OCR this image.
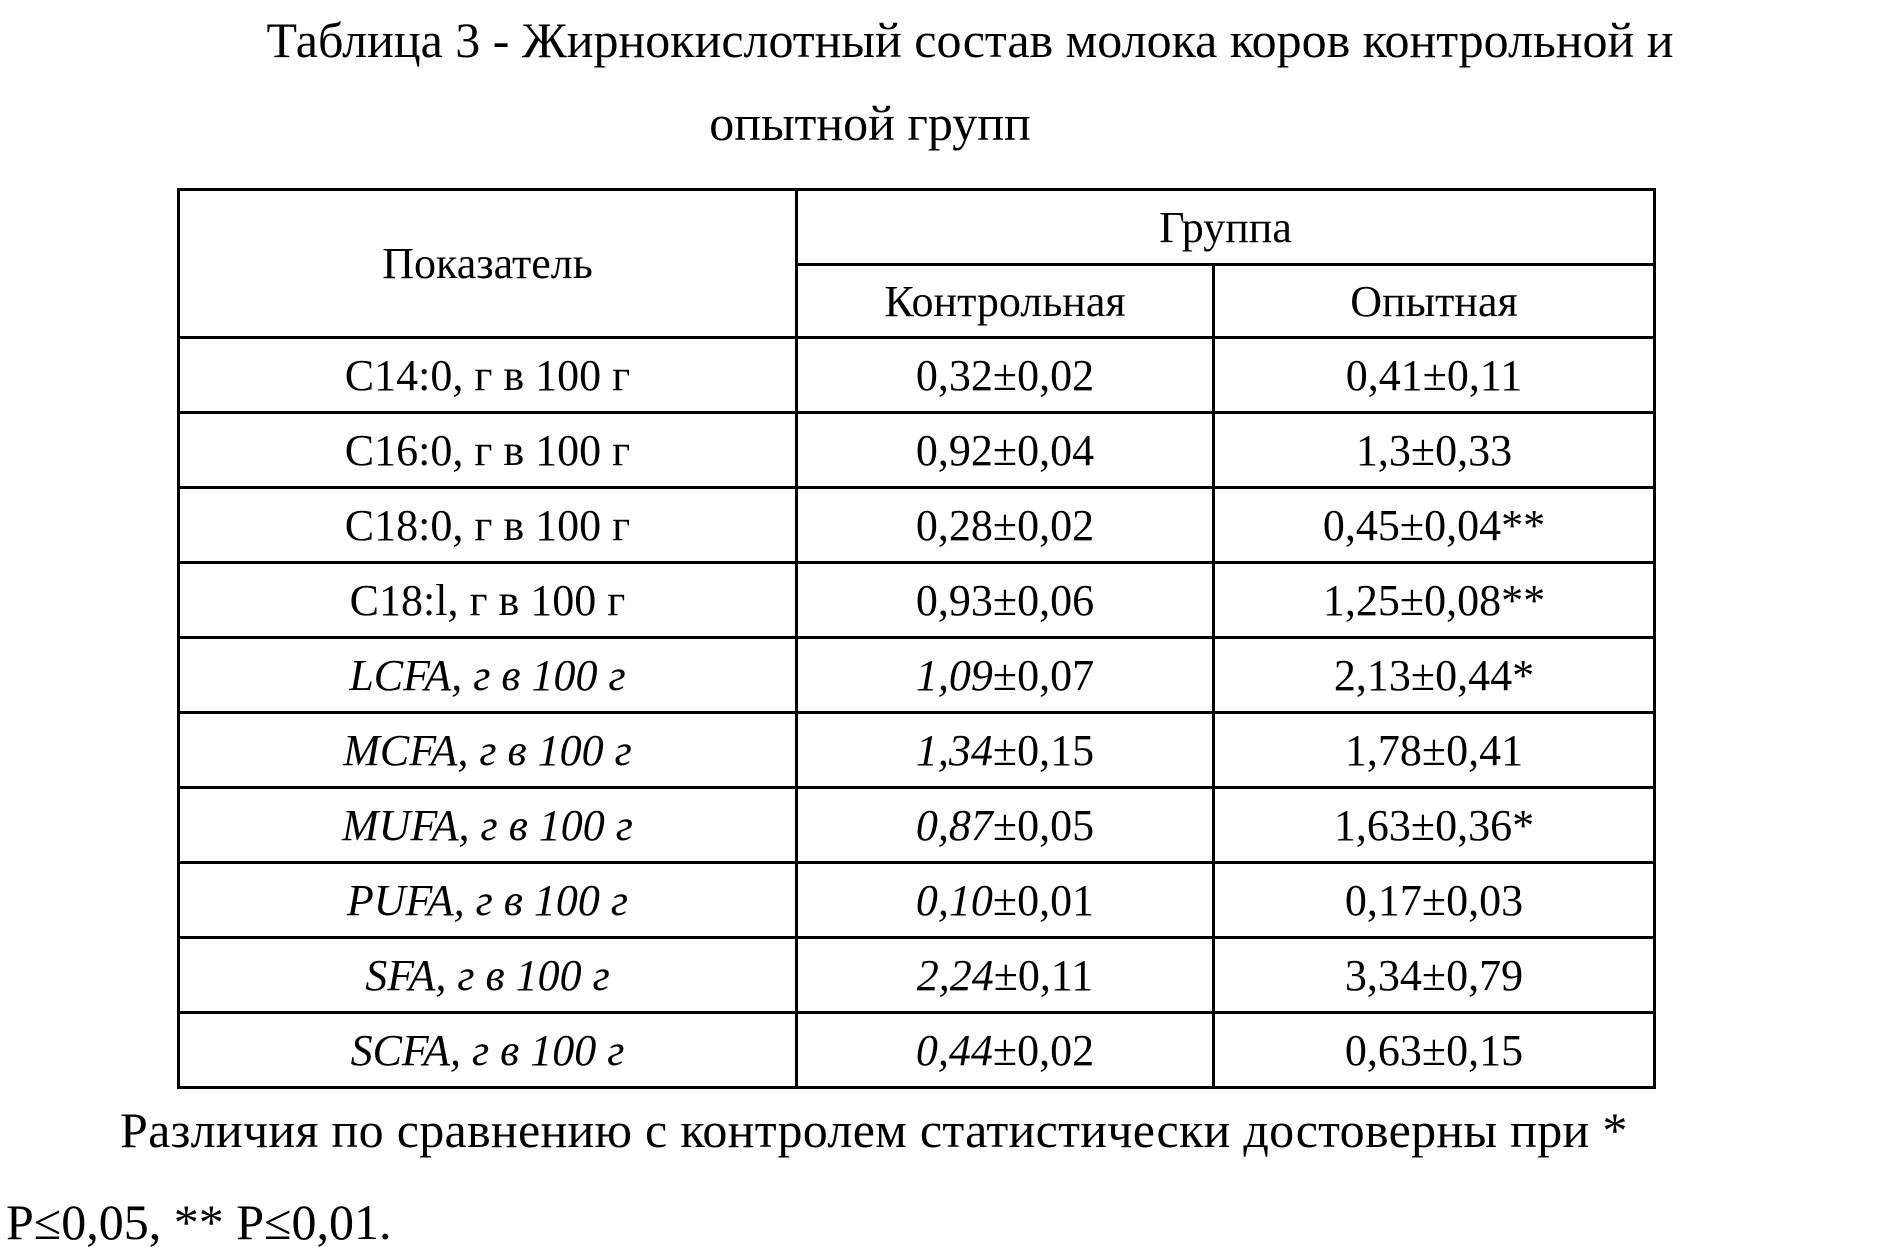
Таблица 3 - Жирнокислотный состав молока коров контрольной и
опытной групп
Показатель	Группа	
	Контрольная	Опытная
С14:0, г в 100 г	0,32±0,02	0,41±0,11
С16:0, г в 100 г	0,92±0,04	1,3±0,33
С18:0, г в 100 г	0,28±0,02	0,45±0,04**
С18:l, г в 100 г	0,93±0,06	1,25±0,08**
LCFA, г в 100 г	1,09±0,07	2,13±0,44*
MCFA, г в 100 г	1,34±0,15	1,78±0,41
MUFA, г в 100 г	0,87±0,05	1,63±0,36*
PUFA, г в 100 г	0,10±0,01	0,17±0,03
SFA, г в 100 г	2,24±0,11	3,34±0,79
SCFA, г в 100 г	0,44±0,02	0,63±0,15
Различия по сравнению с контролем статистически достоверны при *
P≤0,05, ** P≤0,01.
